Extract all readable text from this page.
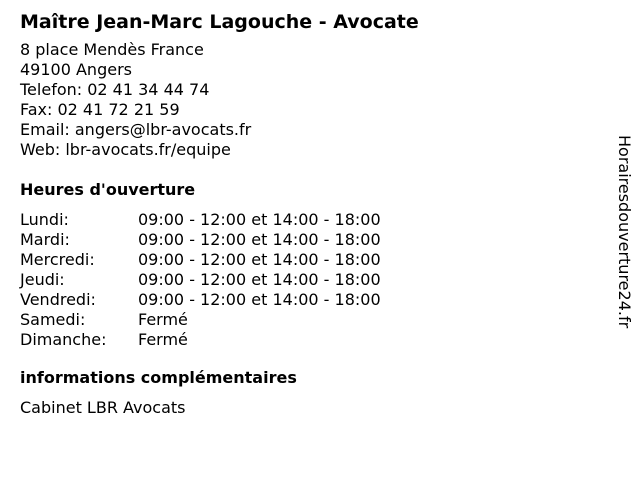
Maître Jean-Marc Lagouche - Avocate
8 place Mendès France
49100 Angers
Telefon: 02 41 34 44 74
Fax: 02 41 72 21 59
Email: angers@lbr-avocats.fr
Web: lbr-avocats.fr/equipe
Heures d'ouverture
Lundi:	09:00 - 12:00 et 14:00 - 18:00
Mardi:	09:00 - 12:00 et 14:00 - 18:00
Mercredi:	09:00 - 12:00 et 14:00 - 18:00
Jeudi:	09:00 - 12:00 et 14:00 - 18:00
Vendredi:	09:00 - 12:00 et 14:00 - 18:00
Samedi:	Fermé
Dimanche:	Fermé
informations complémentaires
Cabinet LBR Avocats
Horairesdouverture24.fr
